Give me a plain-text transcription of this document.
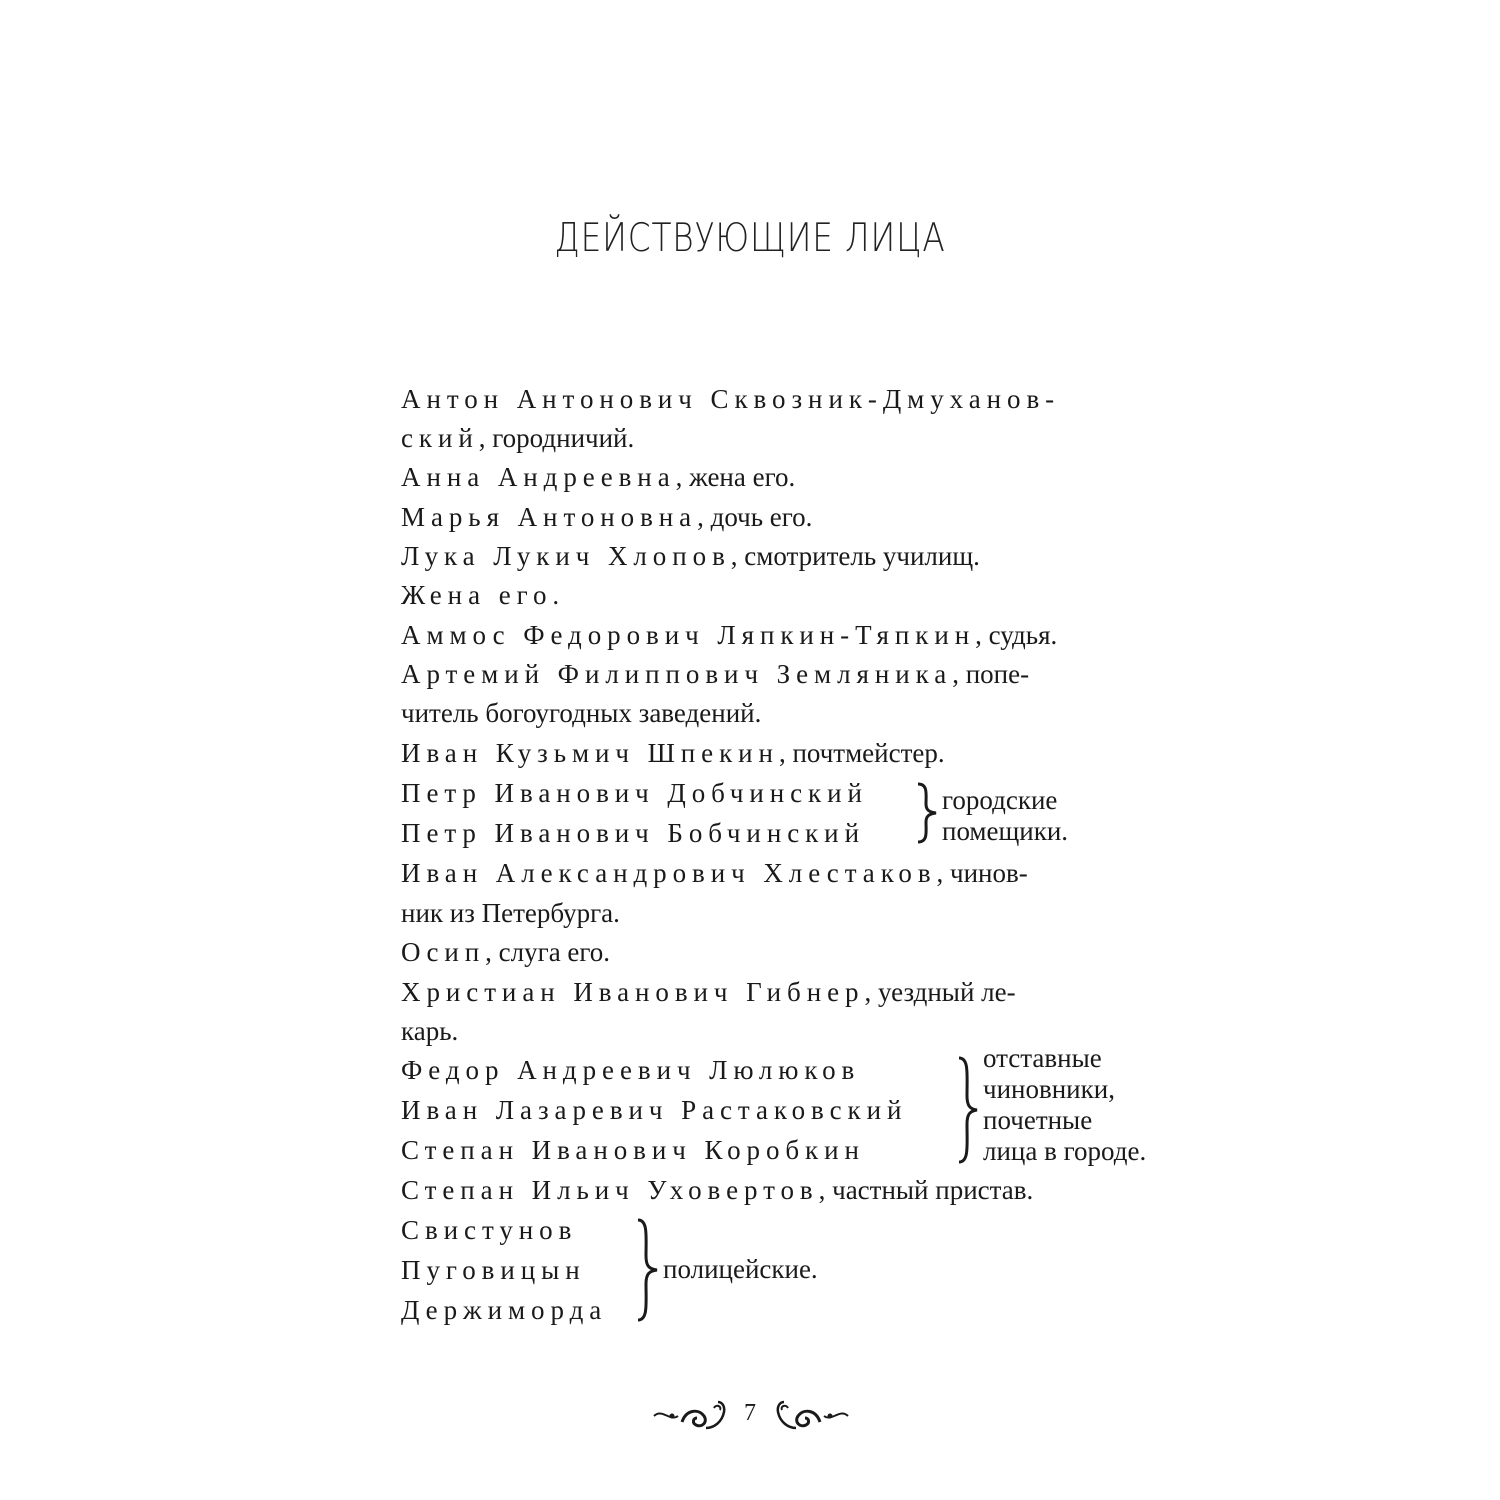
ДЕЙСТВУЮЩИЕ ЛИЦА
Антон Антонович Сквозник-Дмуханов-
ский, городничий.
Анна Андреевна, жена его.
Марья Антоновна, дочь его.
Лука Лукич Хлопов, смотритель училищ.
Жена его.
Аммос Федорович Ляпкин-Тяпкин, судья.
Артемий Филиппович Земляника, попе-
читель богоугодных заведений.
Иван Кузьмич Шпекин, почтмейстер.
Петр Иванович Добчинский
Петр Иванович Бобчинский
Иван Александрович Хлестаков, чинов-
ник из Петербурга.
Осип, слуга его.
Христиан Иванович Гибнер, уездный ле-
карь.
Федор Андреевич Люлюков
Иван Лазаревич Растаковский
Степан Иванович Коробкин
Степан Ильич Уховертов, частный пристав.
Свистунов
Пуговицын
Держиморда
городские
помещики.
отставные
чиновники,
почетные
лица в городе.
полицейские.
7
